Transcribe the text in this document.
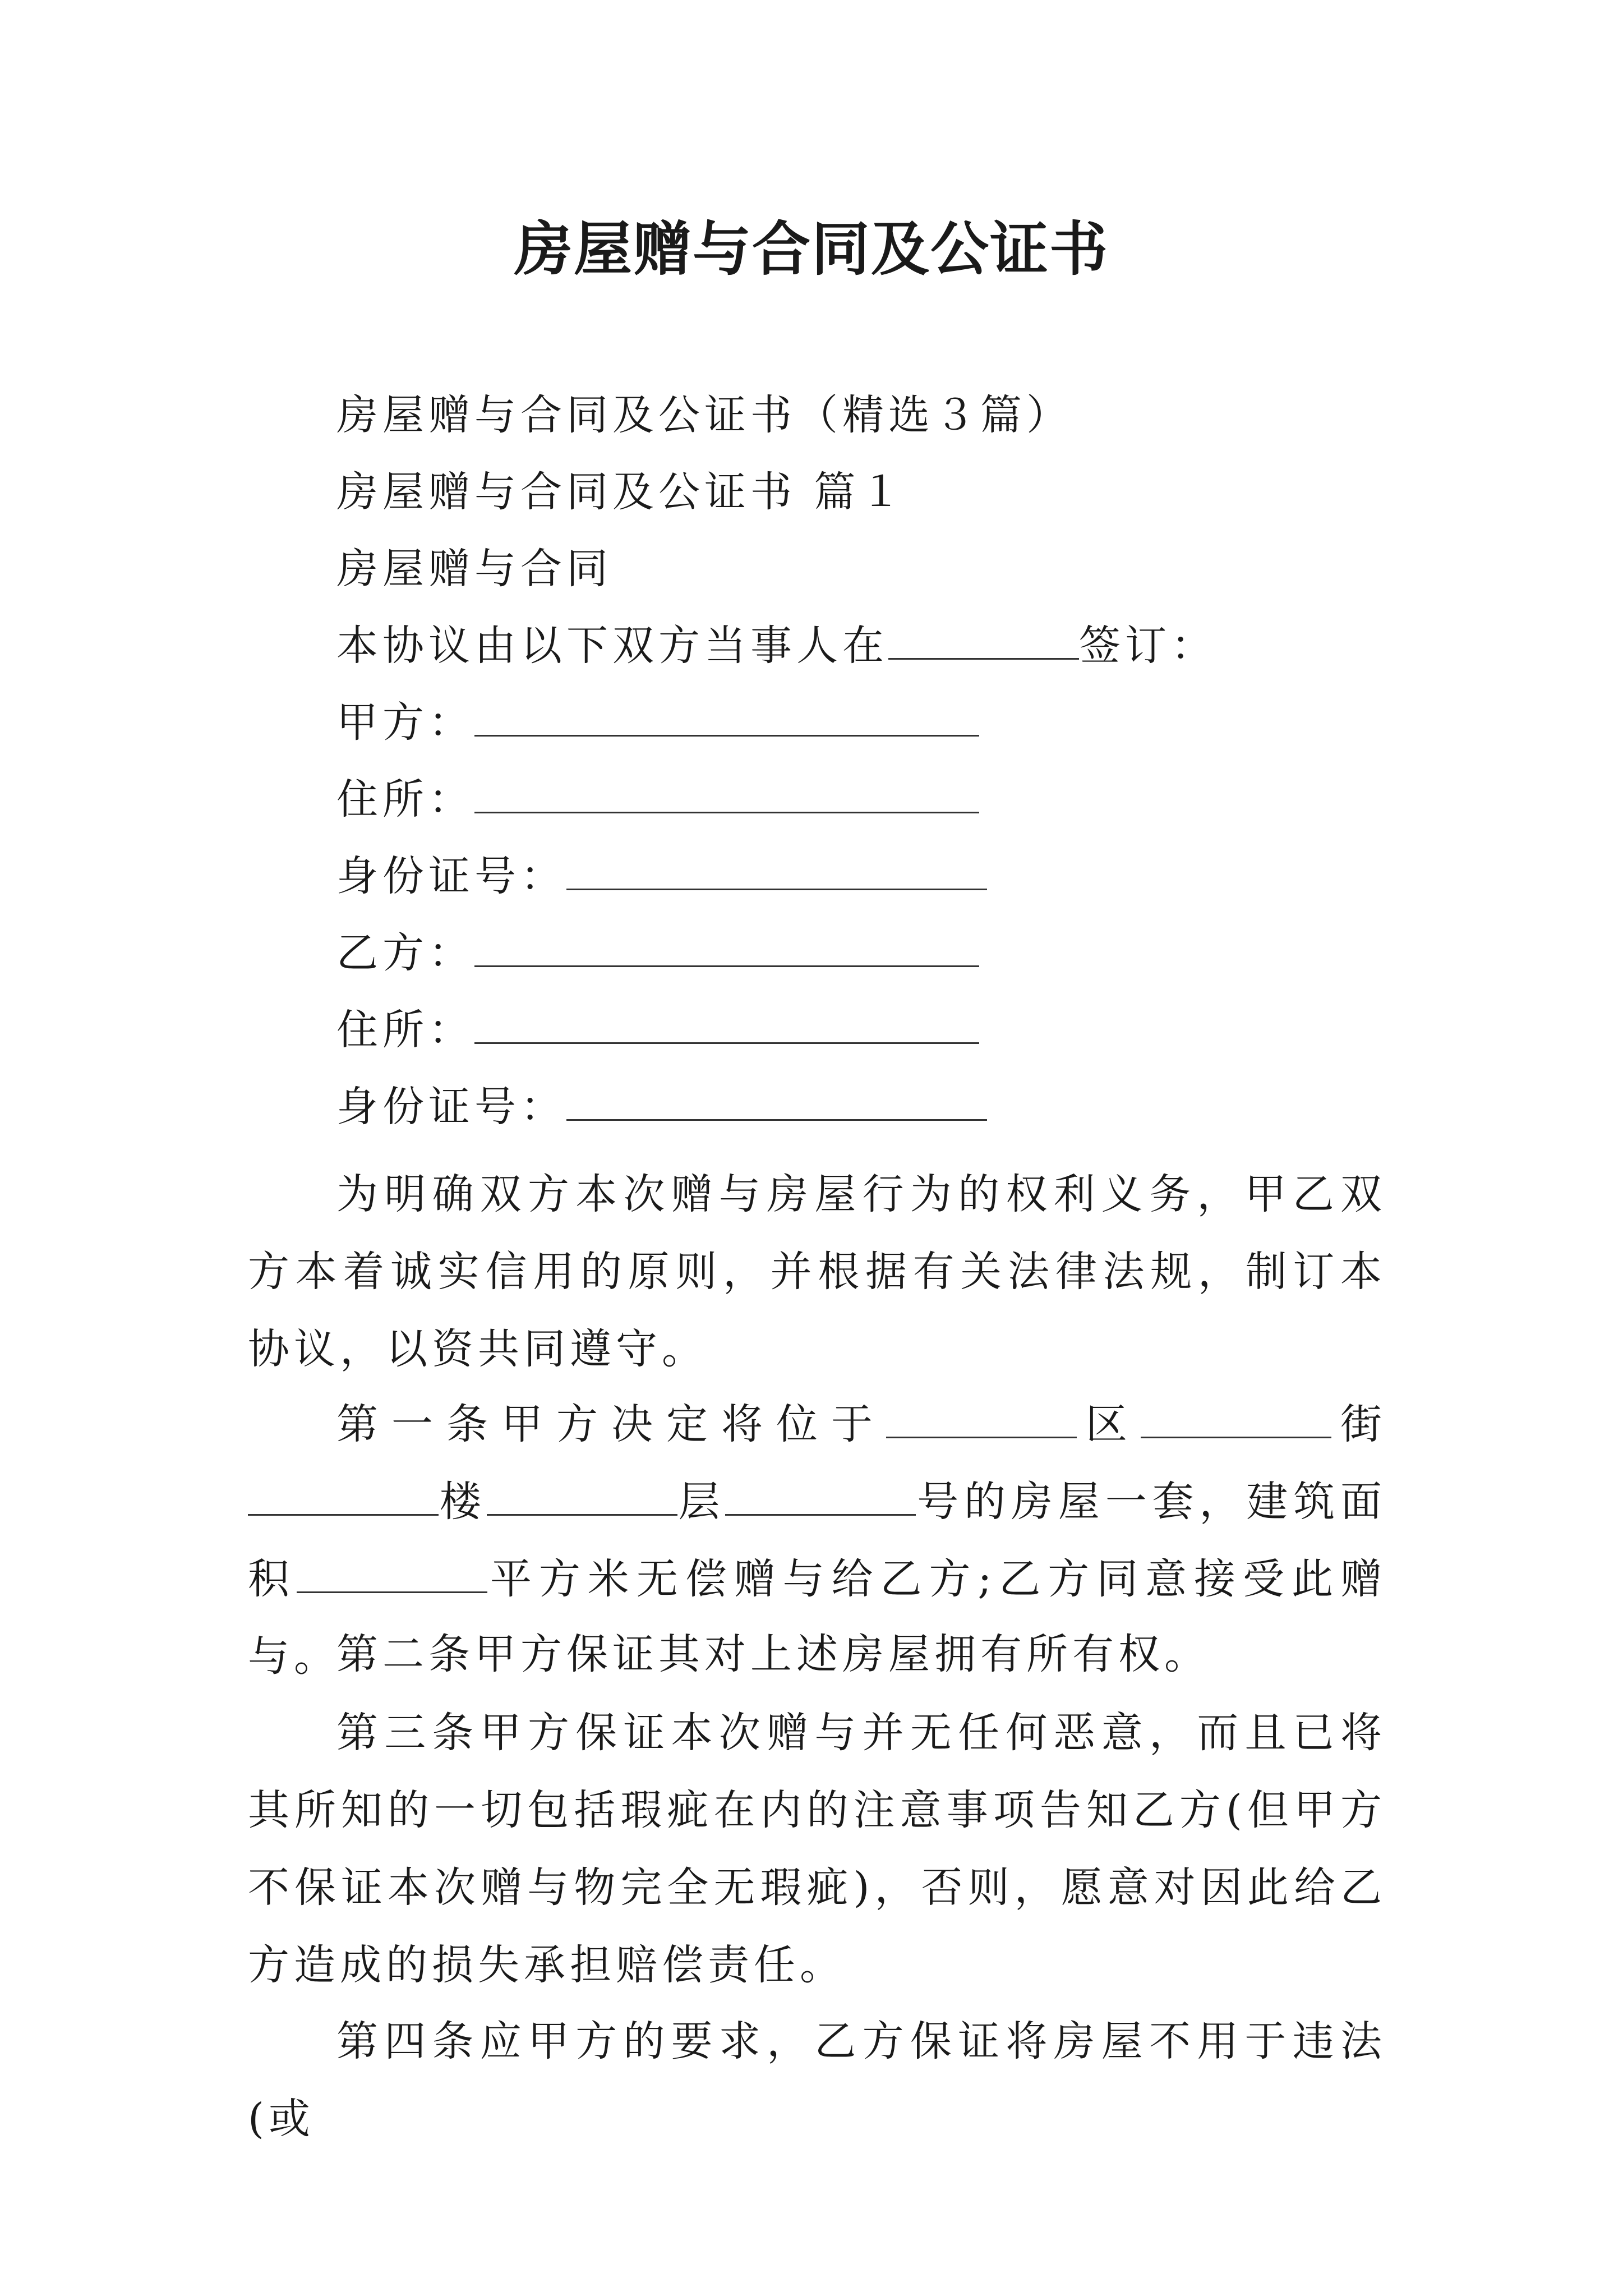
房屋赠与合同及公证书
房屋赠与合同及公证书（精选３篇）
房屋赠与合同及公证书 篇１
房屋赠与合同
本协议由以下双方当事人在	签订：
甲方：
住所：
身份证号：
乙方：
住所：
身份证号：
为明确双方本次赠与房屋行为的权利义务，甲乙双方本着诚实信用的原则，并根据有关法律法规，制订本协议，以资共同遵守。
第一条甲方决定将位于	区	街楼	层	号的房屋一套，建筑面积	平方米无偿赠与给乙方;乙方同意接受此赠与。
第二条甲方保证其对上述房屋拥有所有权。
第三条甲方保证本次赠与并无任何恶意，而且已将其所知的一切包括瑕疵在内的注意事项告知乙方(但甲方不保证本次赠与物完全无瑕疵)，否则，愿意对因此给乙方造成的损失承担赔偿责任。
第四条应甲方的要求，乙方保证将房屋不用于违法(或
